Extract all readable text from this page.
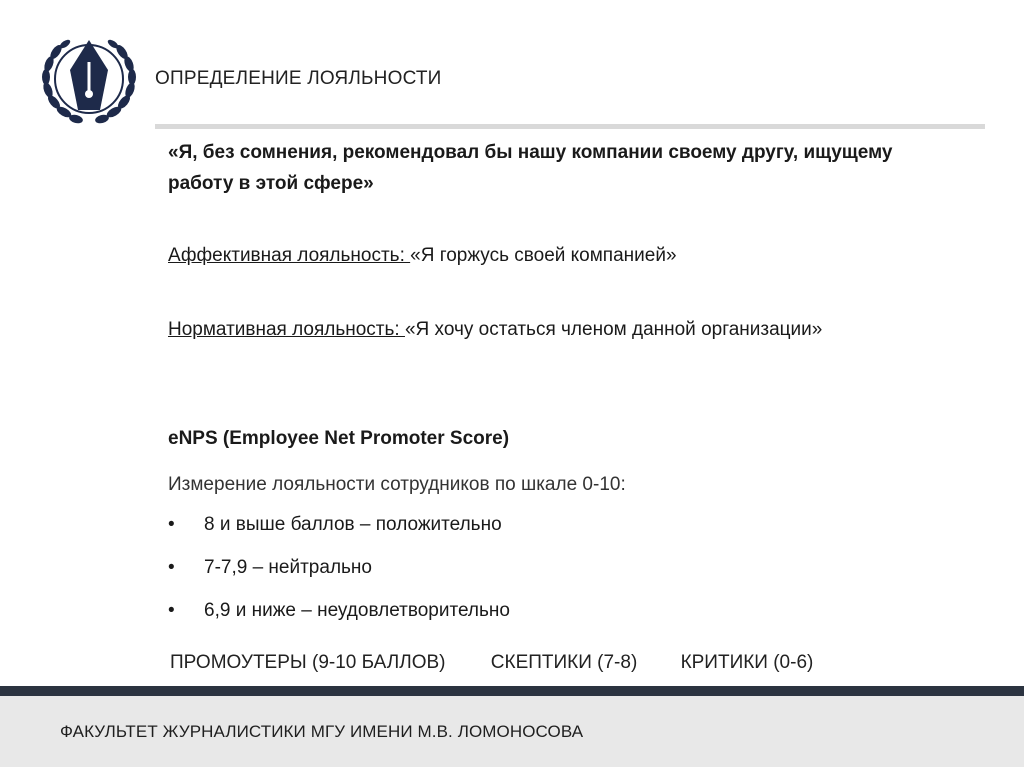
ОПРЕДЕЛЕНИЕ ЛОЯЛЬНОСТИ
«Я, без сомнения, рекомендовал бы нашу компании своему другу, ищущему работу в этой сфере»
Аффективная лояльность: «Я горжусь своей компанией»
Нормативная лояльность: «Я хочу остаться членом данной организации»
eNPS (Employee Net Promoter Score)
Измерение лояльности сотрудников по шкале 0-10:
• 8 и выше баллов – положительно
• 7-7,9 – нейтрально
• 6,9 и ниже – неудовлетворительно
ПРОМОУТЕРЫ (9-10 БАЛЛОВ) СКЕПТИКИ (7-8) КРИТИКИ (0-6)
ФАКУЛЬТЕТ ЖУРНАЛИСТИКИ МГУ ИМЕНИ М.В. ЛОМОНОСОВА
